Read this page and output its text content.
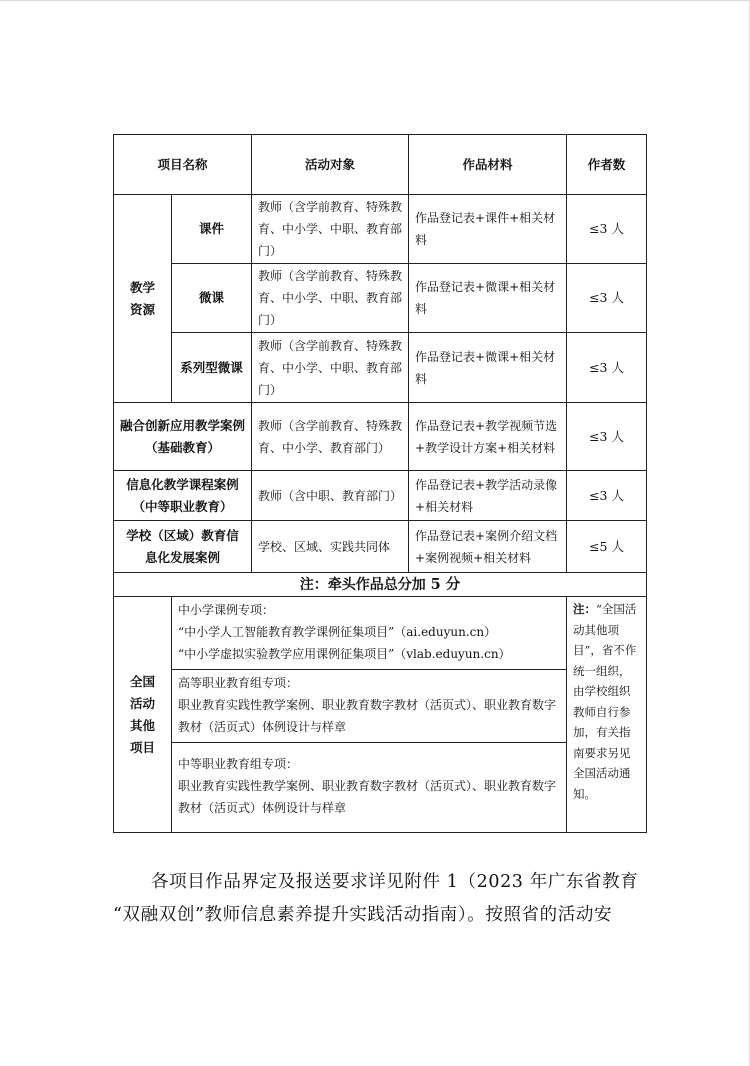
项目名称		活动对象	作品材料	作者数

教学资源	课件	教师（含学前教育、特殊教育、中小学、中职、教育部门）	作品登记表+课件+相关材料	≤3 人
	微课	教师（含学前教育、特殊教育、中小学、中职、教育部门）	作品登记表+微课+相关材料	≤3 人
	系列型微课	教师（含学前教育、特殊教育、中小学、中职、教育部门）	作品登记表+微课+相关材料	≤3 人
融合创新应用教学案例（基础教育）		教师（含学前教育、特殊教育、中小学、教育部门）	作品登记表+教学视频节选+教学设计方案+相关材料	≤3 人
信息化教学课程案例（中等职业教育）		教师（含中职、教育部门）	作品登记表+教学活动录像+相关材料	≤3 人
学校（区域）教育信息化发展案例		学校、区域、实践共同体	作品登记表+案例介绍文档+案例视频+相关材料	≤5 人
注：牵头作品总分加 5 分				

全国活动其他项目	中小学课例专项：
“中小学人工智能教育教学课例征集项目”（ai.eduyun.cn）
“中小学虚拟实验教学应用课例征集项目”（vlab.eduyun.cn）			注：“全国活动其他项目”，省不作统一组织，由学校组织教师自行参加，有关指南要求另见全国活动通知。

	高等职业教育组专项：
职业教育实践性教学案例、职业教育数字教材（活页式）、职业教育数字教材（活页式）体例设计与样章			

	中等职业教育组专项：
职业教育实践性教学案例、职业教育数字教材（活页式）、职业教育数字教材（活页式）体例设计与样章			
各项目作品界定及报送要求详见附件 1（2023 年广东省教育
“双融双创”教师信息素养提升实践活动指南）。按照省的活动安
